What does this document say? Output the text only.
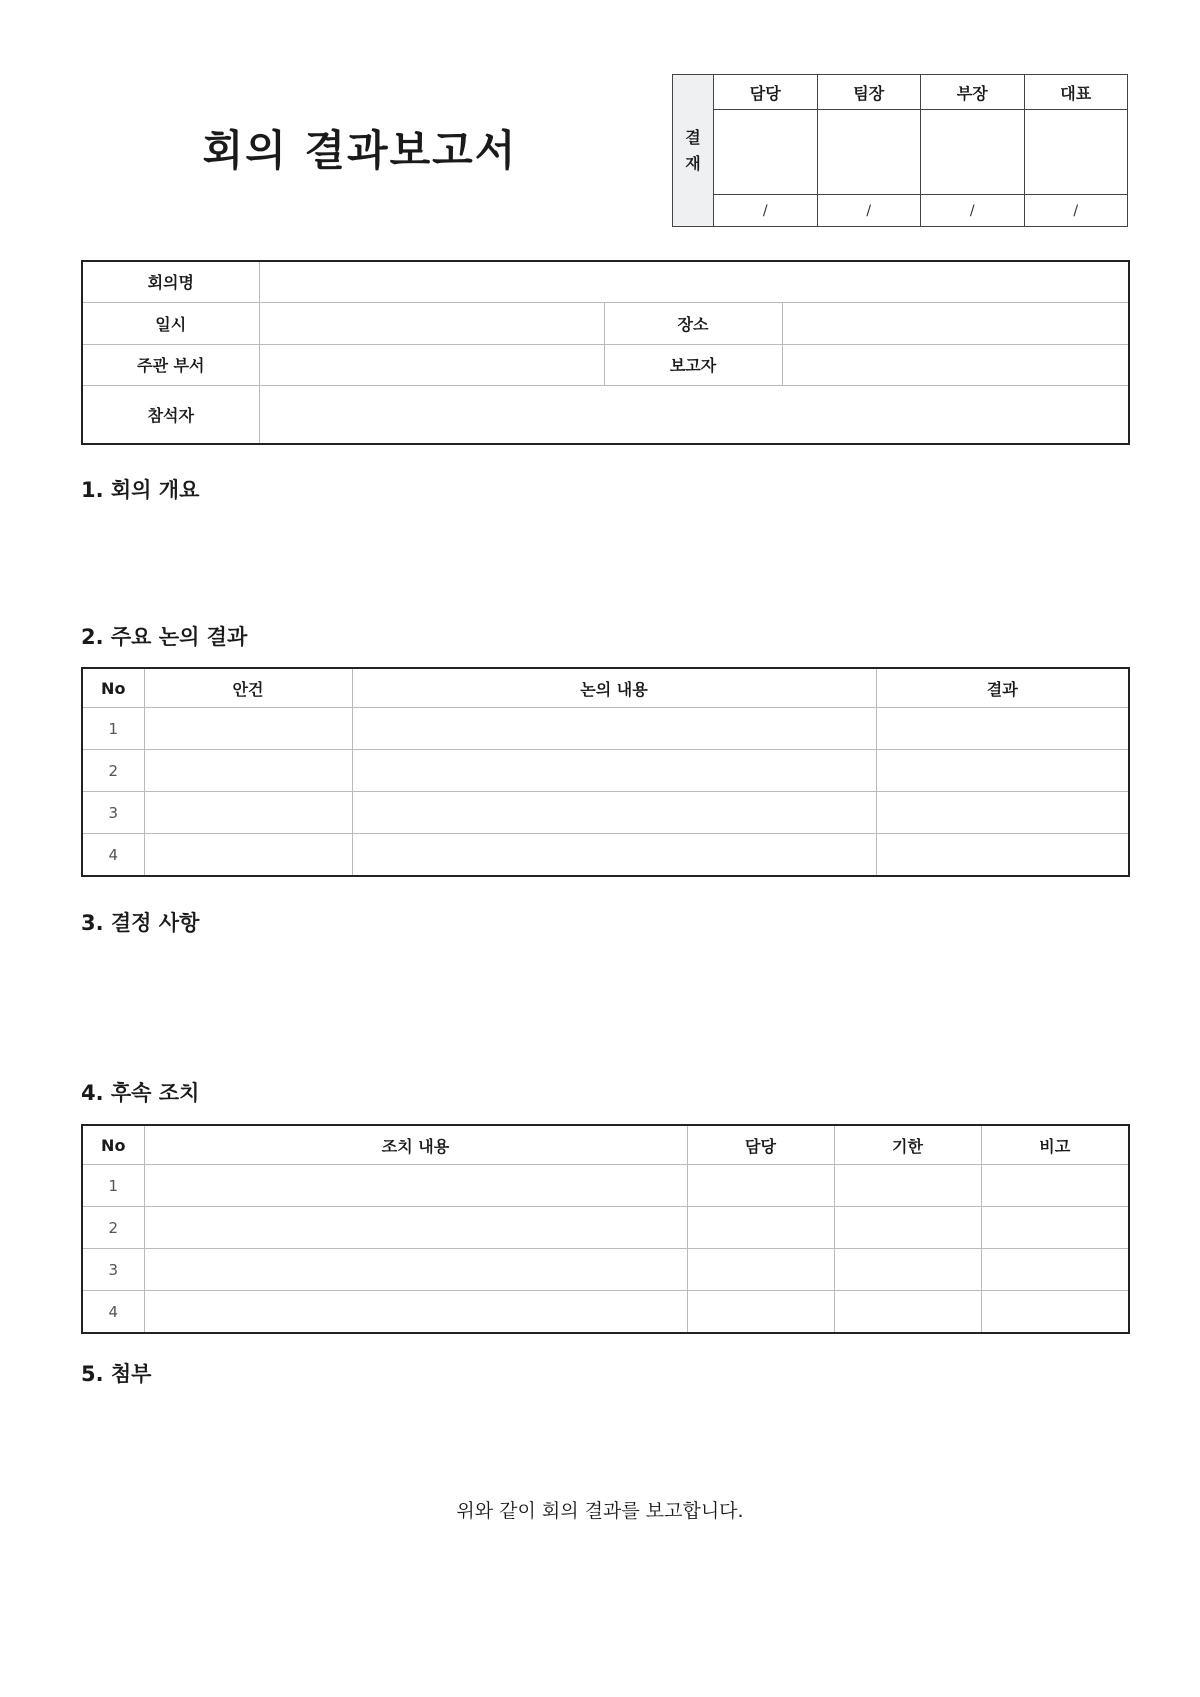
회의 결과보고서	결
재	담당	팀장	부장	대표

	/	/	/	/
회의명			
일시		장소	
주관 부서		보고자	
참석자			
1. 회의 개요
2. 주요 논의 결과
No	안건	논의 내용	결과
1			
2			
3			
4			
3. 결정 사항
4. 후속 조치
No	조치 내용	담당	기한	비고
1				
2				
3				
4				
5. 첨부
위와 같이 회의 결과를 보고합니다.
